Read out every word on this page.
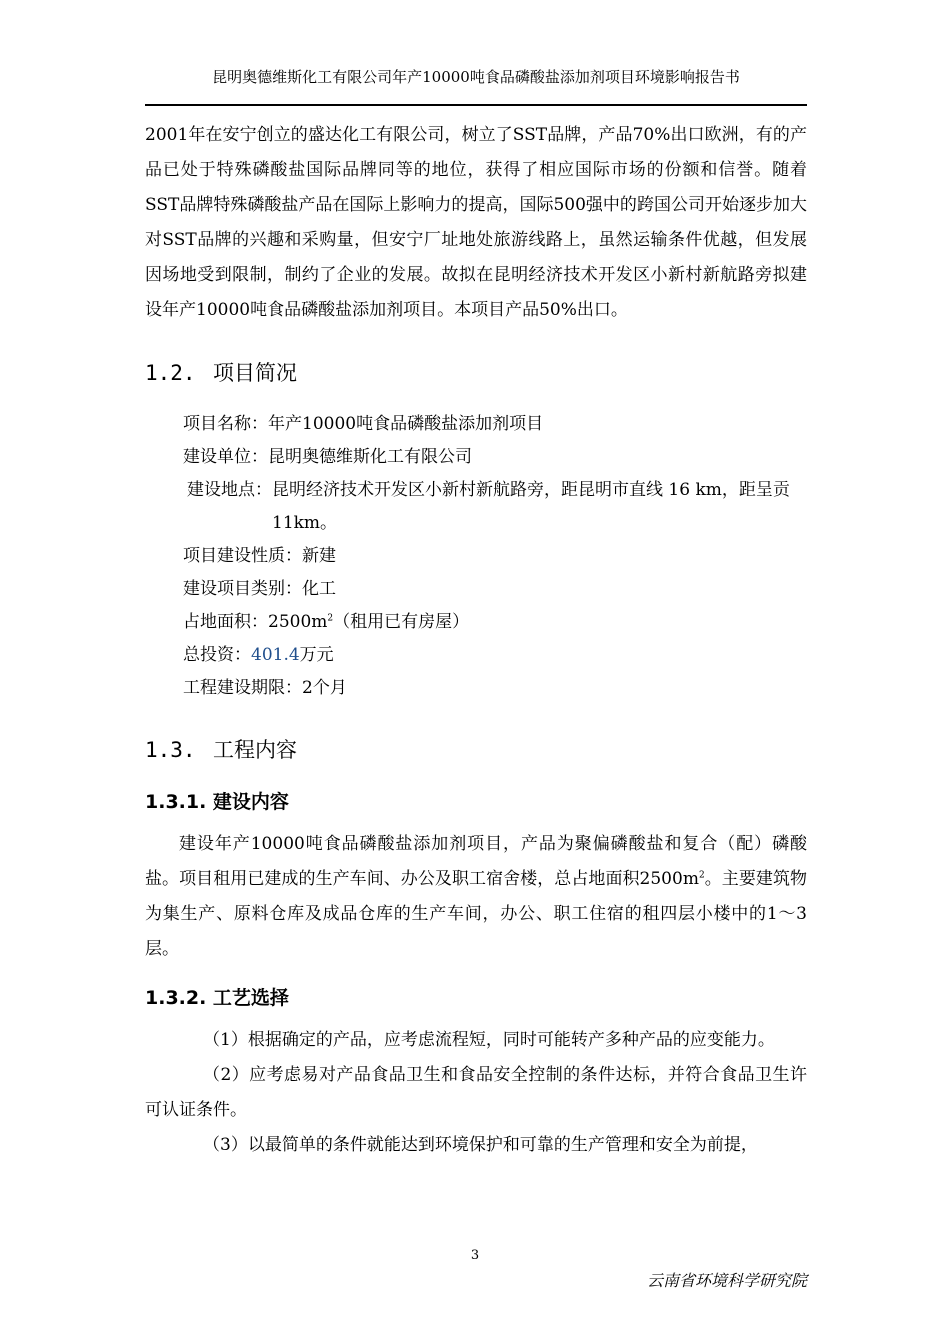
昆明奥德维斯化工有限公司年产10000吨食品磷酸盐添加剂项目环境影响报告书

2001年在安宁创立的盛达化工有限公司，树立了SST品牌，产品70%出口欧洲，有的产品已处于特殊磷酸盐国际品牌同等的地位，获得了相应国际市场的份额和信誉。随着SST品牌特殊磷酸盐产品在国际上影响力的提高，国际500强中的跨国公司开始逐步加大对SST品牌的兴趣和采购量，但安宁厂址地处旅游线路上，虽然运输条件优越，但发展因场地受到限制，制约了企业的发展。故拟在昆明经济技术开发区小新村新航路旁拟建设年产10000吨食品磷酸盐添加剂项目。本项目产品50%出口。

1.2. 项目简况
项目名称： 年产10000吨食品磷酸盐添加剂项目
建设单位： 昆明奥德维斯化工有限公司
建设地点： 昆明经济技术开发区小新村新航路旁，距昆明市直线 16 km，距呈贡11km。
项目建设性质： 新建
建设项目类别： 化工
占地面积： $2500m^2$（租用已有房屋）
总投资： 401.4万元
工程建设期限： 2个月
1.3. 工程内容
1.3.1. 建设内容

建设年产10000吨食品磷酸盐添加剂项目，产品为聚偏磷酸盐和复合（配）磷酸盐。项目租用已建成的生产车间、办公及职工宿舍楼，总占地面积$2500m^2$。主要建筑物为集生产、原料仓库及成品仓库的生产车间，办公、职工住宿的租四层小楼中的1～3层。

1.3.2. 工艺选择

（1）根据确定的产品，应考虑流程短，同时可能转产多种产品的应变能力。

（2）应考虑易对产品食品卫生和食品安全控制的条件达标，并符合食品卫生许可认证条件。

（3）以最简单的条件就能达到环境保护和可靠的生产管理和安全为前提，

3
云南省环境科学研究院
